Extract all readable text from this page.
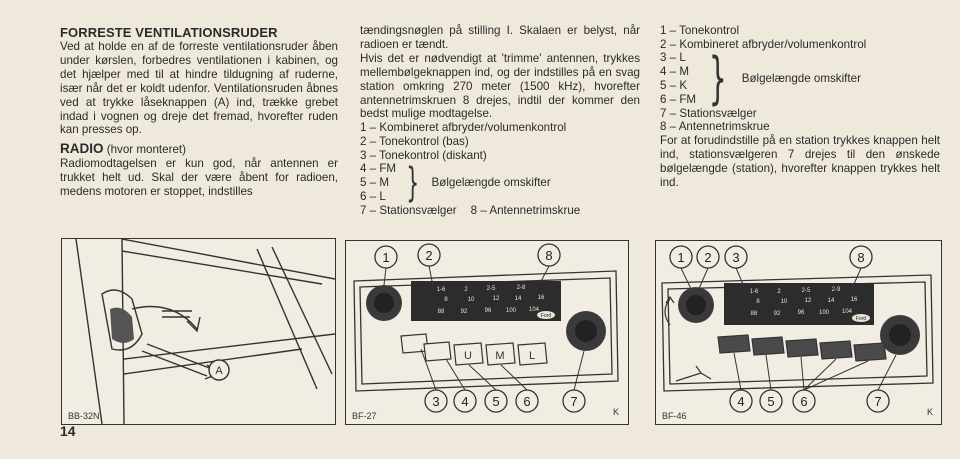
FORRESTE VENTILATIONSRUDER

Ved at holde en af de forreste ventilationsruder åben under kørslen, forbedres ventilationen i kabinen, og det hjælper med til at hindre tildugning af ruderne, især når det er koldt udenfor. Ventilationsruden åbnes ved at trykke låseknappen (A) ind, trække grebet indad i vognen og dreje det fremad, hvorefter ruden kan presses op.

RADIO (hvor monteret)

Radiomodtagelsen er kun god, når antennen er trukket helt ud. Skal der være åbent for radioen, medens motoren er stoppet, indstilles

tændingsnøglen på stilling I. Skalaen er belyst, når radioen er tændt.

Hvis det er nødvendigt at 'trimme' antennen, trykkes mellembølgeknappen ind, og der indstilles på en svag station omkring 270 meter (1500 kHz), hvorefter antennetrimskruen 8 drejes, indtil der kommer den bedst mulige modtagelse.

1 – Kombineret afbryder/volumenkontrol
2 – Tonekontrol (bas)
3 – Tonekontrol (diskant)
4 – FM
5 – M
6 – L } Bølgelængde omskifter
7 – Stationsvælger 8 – Antennetrimskrue
1 – Tonekontrol
2 – Kombineret afbryder/volumenkontrol
3 – L
4 – M
5 – K
6 – FM } Bølgelængde omskifter
7 – Stationsvælger
8 – Antennetrimskrue

For at forudindstille på en station trykkes knappen helt ind, stationsvælgeren 7 drejes til den ønskede bølgelængde (station), hvorefter knappen trykkes helt ind.

A
BB-32N
1-6	2	2-5	2-8
8	10	12	14	16
88	92	96 100 104
Ford
U M L
1	2	8
3 4 5 6	7
K
BF-27
1-6	2	2-5	2-9
8	10	12	14	16
88	92	96 100 104
Ford
1 2 3	8
4 5 6	7
K
BF-46
14
